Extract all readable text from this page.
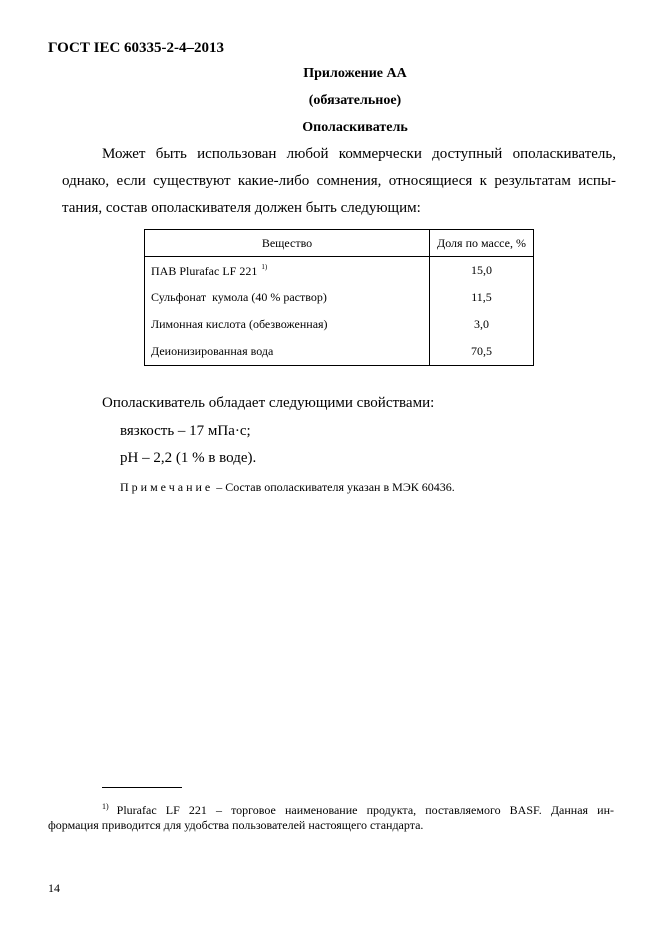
ГОСТ IEC 60335-2-4–2013
Приложение АА
(обязательное)
Ополаскиватель
Может быть использован любой коммерчески доступный ополаскиватель,
однако, если существуют какие-либо сомнения, относящиеся к результатам испы-
тания, состав ополаскивателя должен быть следующим:
Вещество	Доля по массе, %
ПАВ Plurafac LF 221 $^{1)}$	15,0
Сульфонат  кумола (40 % раствор)	11,5
Лимонная кислота (обезвоженная)	3,0
Деионизированная вода	70,5
Ополаскиватель обладает следующими свойствами:
вязкость – 17 мПа·с;
pH – 2,2 (1 % в воде).
Примечание – Состав ополаскивателя указан в МЭК 60436.
$^{1)}$ Plurafac LF 221 – торговое наименование продукта, поставляемого BASF. Данная ин-
формация приводится для удобства пользователей настоящего стандарта.
14
